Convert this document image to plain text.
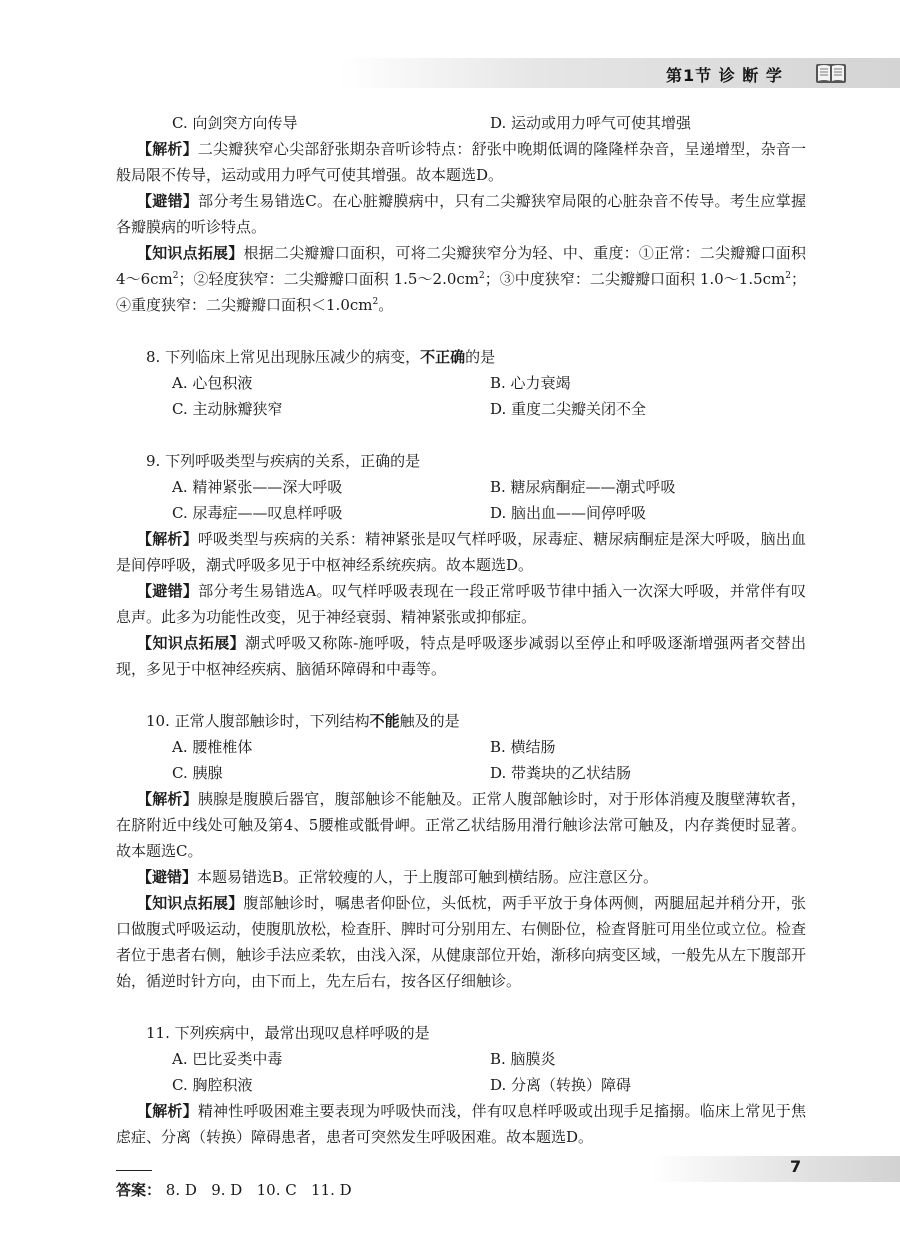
第1节 诊 断 学
C. 向剑突方向传导	D. 运动或用力呼气可使其增强

【解析】二尖瓣狭窄心尖部舒张期杂音听诊特点：舒张中晚期低调的隆隆样杂音，呈递增型，杂音一般局限不传导，运动或用力呼气可使其增强。故本题选D。

【避错】部分考生易错选C。在心脏瓣膜病中，只有二尖瓣狭窄局限的心脏杂音不传导。考生应掌握各瓣膜病的听诊特点。

【知识点拓展】根据二尖瓣瓣口面积，可将二尖瓣狭窄分为轻、中、重度：①正常：二尖瓣瓣口面积 $4\sim 6cm^2$；②轻度狭窄：二尖瓣瓣口面积 $1.5\sim 2.0cm^2$；③中度狭窄：二尖瓣瓣口面积 $1.0\sim 1.5cm^2$；④重度狭窄：二尖瓣瓣口面积$<1.0cm^2$。

8. 下列临床上常见出现脉压减少的病变，不正确的是

A. 心包积液	B. 心力衰竭
C. 主动脉瓣狭窄	D. 重度二尖瓣关闭不全

9. 下列呼吸类型与疾病的关系，正确的是

A. 精神紧张——深大呼吸	B. 糖尿病酮症——潮式呼吸
C. 尿毒症——叹息样呼吸	D. 脑出血——间停呼吸

【解析】呼吸类型与疾病的关系：精神紧张是叹气样呼吸，尿毒症、糖尿病酮症是深大呼吸，脑出血是间停呼吸，潮式呼吸多见于中枢神经系统疾病。故本题选D。

【避错】部分考生易错选A。叹气样呼吸表现在一段正常呼吸节律中插入一次深大呼吸，并常伴有叹息声。此多为功能性改变，见于神经衰弱、精神紧张或抑郁症。

【知识点拓展】潮式呼吸又称陈-施呼吸，特点是呼吸逐步减弱以至停止和呼吸逐渐增强两者交替出现，多见于中枢神经疾病、脑循环障碍和中毒等。

10. 正常人腹部触诊时，下列结构不能触及的是

A. 腰椎椎体	B. 横结肠
C. 胰腺	D. 带粪块的乙状结肠

【解析】胰腺是腹膜后器官，腹部触诊不能触及。正常人腹部触诊时，对于形体消瘦及腹壁薄软者，在脐附近中线处可触及第4、5腰椎或骶骨岬。正常乙状结肠用滑行触诊法常可触及，内存粪便时显著。故本题选C。

【避错】本题易错选B。正常较瘦的人，于上腹部可触到横结肠。应注意区分。

【知识点拓展】腹部触诊时，嘱患者仰卧位，头低枕，两手平放于身体两侧，两腿屈起并稍分开，张口做腹式呼吸运动，使腹肌放松，检查肝、脾时可分别用左、右侧卧位，检查肾脏可用坐位或立位。检查者位于患者右侧，触诊手法应柔软，由浅入深，从健康部位开始，渐移向病变区域，一般先从左下腹部开始，循逆时针方向，由下而上，先左后右，按各区仔细触诊。

11. 下列疾病中，最常出现叹息样呼吸的是

A. 巴比妥类中毒	B. 脑膜炎
C. 胸腔积液	D. 分离（转换）障碍

【解析】精神性呼吸困难主要表现为呼吸快而浅，伴有叹息样呼吸或出现手足搐搦。临床上常见于焦虑症、分离（转换）障碍患者，患者可突然发生呼吸困难。故本题选D。

答案： 8. D   9. D   10. C   11. D
7
